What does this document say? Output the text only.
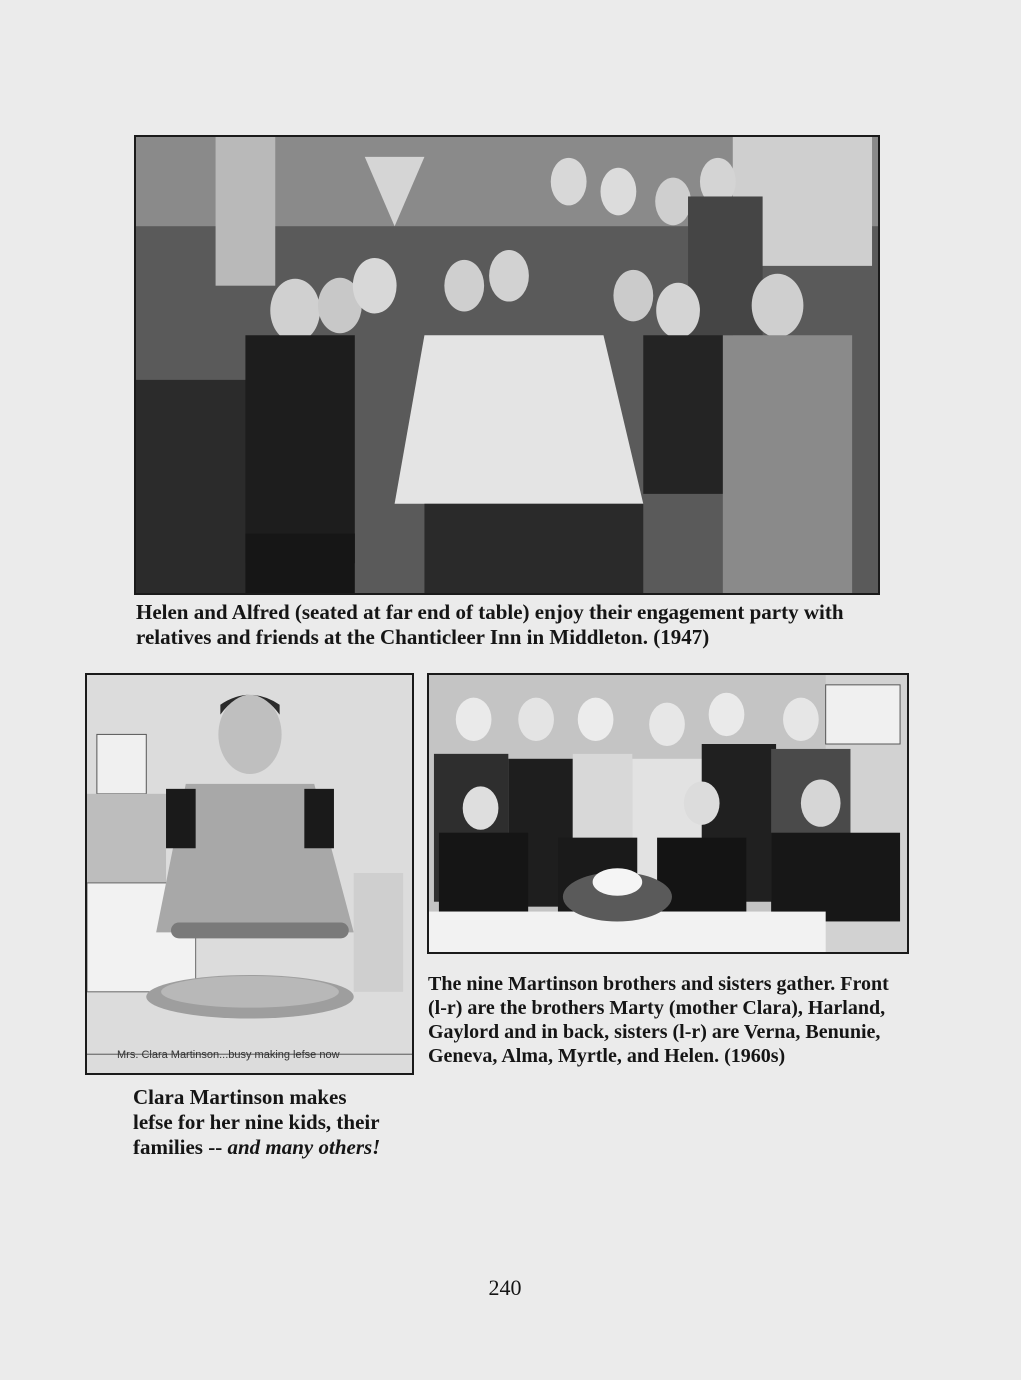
Helen and Alfred (seated at far end of table) enjoy their engagement party with
relatives and friends at the Chanticleer Inn in Middleton. (1947)
Mrs. Clara Martinson...busy making lefse now
Clara Martinson makes
lefse for her nine kids, their
families -- and many others!
The nine Martinson brothers and sisters gather. Front
(l-r) are the brothers Marty (mother Clara), Harland,
Gaylord and in back, sisters (l-r) are Verna, Benunie,
Geneva, Alma, Myrtle, and Helen. (1960s)
240
